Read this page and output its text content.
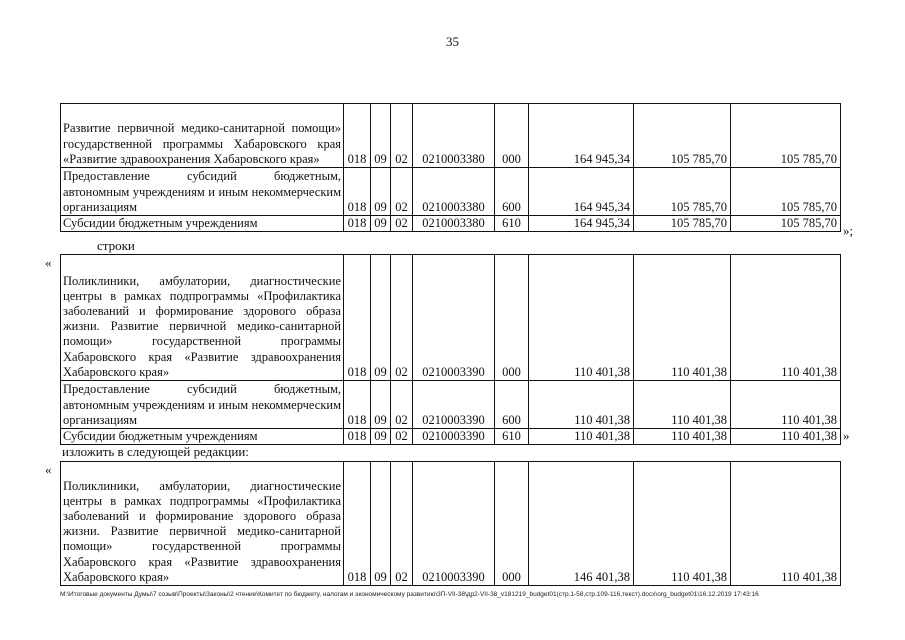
35
Развитие первичной медико-санитарной помощи» государственной программы Хабаровского края «Развитие здравоохранения Хабаровского края»	018	09	02	0210003380	000	164 945,34	105 785,70	105 785,70
Предоставление субсидий бюджетным, автономным учреждениям и иным некоммерческим организациям	018	09	02	0210003380	600	164 945,34	105 785,70	105 785,70
Субсидии бюджетным учреждениям	018	09	02	0210003380	610	164 945,34	105 785,70	105 785,70 »;
строки
«
Поликлиники, амбулатории, диагностические центры в рамках подпрограммы «Профилактика заболеваний и формирование здорового образа жизни. Развитие первичной медико-санитарной помощи» государственной программы Хабаровского края «Развитие здравоохранения Хабаровского края»	018	09	02	0210003390	000	110 401,38	110 401,38	110 401,38
Предоставление субсидий бюджетным, автономным учреждениям и иным некоммерческим организациям	018	09	02	0210003390	600	110 401,38	110 401,38	110 401,38
Субсидии бюджетным учреждениям	018	09	02	0210003390	610	110 401,38	110 401,38	110 401,38 »
изложить в следующей редакции:
«
Поликлиники, амбулатории, диагностические центры в рамках подпрограммы «Профилактика заболеваний и формирование здорового образа жизни. Развитие первичной медико-санитарной помощи» государственной программы Хабаровского края «Развитие здравоохранения Хабаровского края»	018	09	02	0210003390	000	146 401,38	110 401,38	110 401,38
M:\Итоговые документы Думы\7 созыв\Проекты\Законы\2 чтение\Комитет по бюджету, налогам и экономическому развитию\3П-VII-38\др2-VII-38_v181219_budget01(стр.1-58,стр.109-116,текст).docx\org_budget01\16.12.2019 17:43:16
